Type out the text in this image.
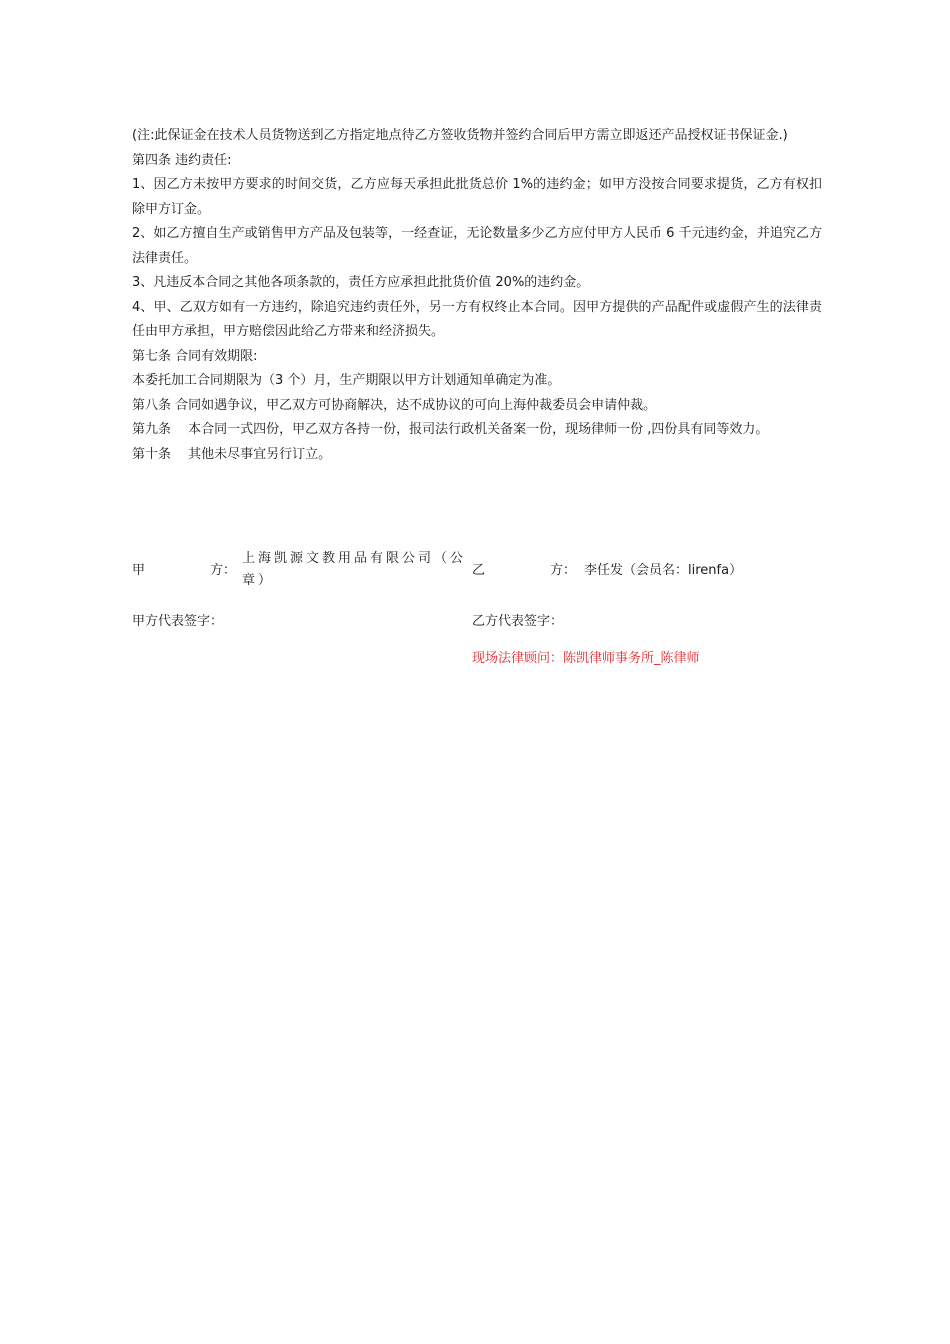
(注:此保证金在技术人员货物送到乙方指定地点待乙方签收货物并签约合同后甲方需立即返还产品授权证书保证金.)

第四条 违约责任:

1、因乙方未按甲方要求的时间交货，乙方应每天承担此批货总价 1%的违约金；如甲方没按合同要求提货，乙方有权扣除甲方订金。

2、如乙方擅自生产或销售甲方产品及包装等，一经查证，无论数量多少乙方应付甲方人民币 6 千元违约金，并追究乙方法律责任。

3、凡违反本合同之其他各项条款的，责任方应承担此批货价值 20%的违约金。

4、甲、乙双方如有一方违约，除追究违约责任外，另一方有权终止本合同。因甲方提供的产品配件或虚假产生的法律责任由甲方承担，甲方赔偿因此给乙方带来和经济损失。

第七条 合同有效期限:

本委托加工合同期限为（3 个）月，生产期限以甲方计划通知单确定为准。

第八条 合同如遇争议，甲乙双方可协商解决，达不成协议的可向上海仲裁委员会申请仲裁。

第九条　 本合同一式四份，甲乙双方各持一份，报司法行政机关备案一份，现场律师一份 ,四份具有同等效力。

第十条　 其他未尽事宜另行订立。

甲	方：
上海凯源文教用品有限公司（公章）
乙	方： 李任发（会员名：lirenfa）
甲方代表签字：	乙方代表签字：
现场法律顾问：陈凯律师事务所_陈律师
